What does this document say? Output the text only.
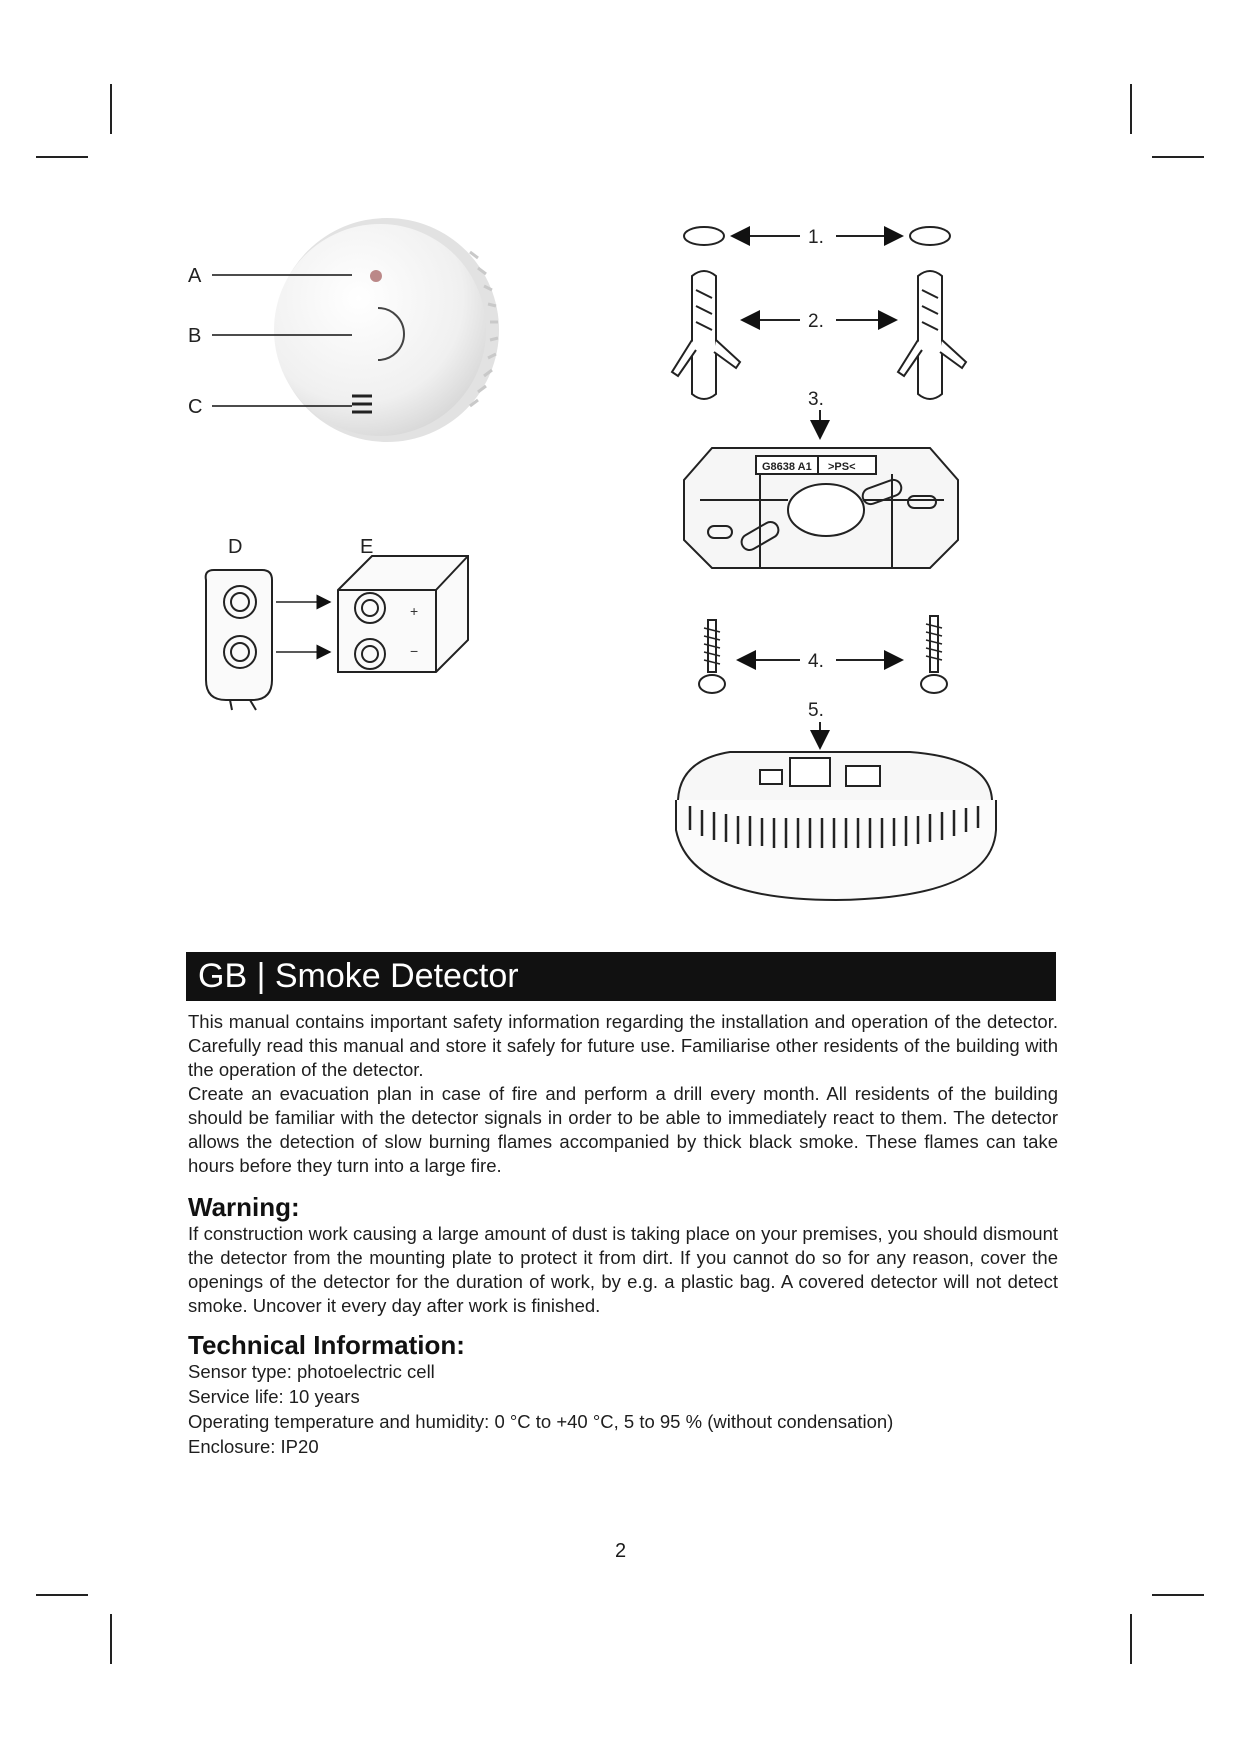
+
−
G8638 A1 >PS<
A
B
C
D	E
1.
2.
3.
4.
5.
GB | Smoke Detector

This manual contains important safety information regarding the installation and operation of the detector. Carefully read this manual and store it safely for future use. Familiarise other residents of the building with the operation of the detector.

Create an evacuation plan in case of fire and perform a drill every month. All residents of the building should be familiar with the detector signals in order to be able to immediately react to them. The detector allows the detection of slow burning flames accompanied by thick black smoke. These flames can take hours before they turn into a large fire.

Warning:
If construction work causing a large amount of dust is taking place on your premises, you should dismount the detector from the mounting plate to protect it from dirt. If you cannot do so for any reason, cover the openings of the detector for the duration of work, by e.g. a plastic bag. A covered detector will not detect smoke. Uncover it every day after work is finished.
Technical Information:
Sensor type: photoelectric cell
Service life: 10 years
Operating temperature and humidity: 0 °C to +40 °C, 5 to 95 % (without condensation)
Enclosure: IP20
2
